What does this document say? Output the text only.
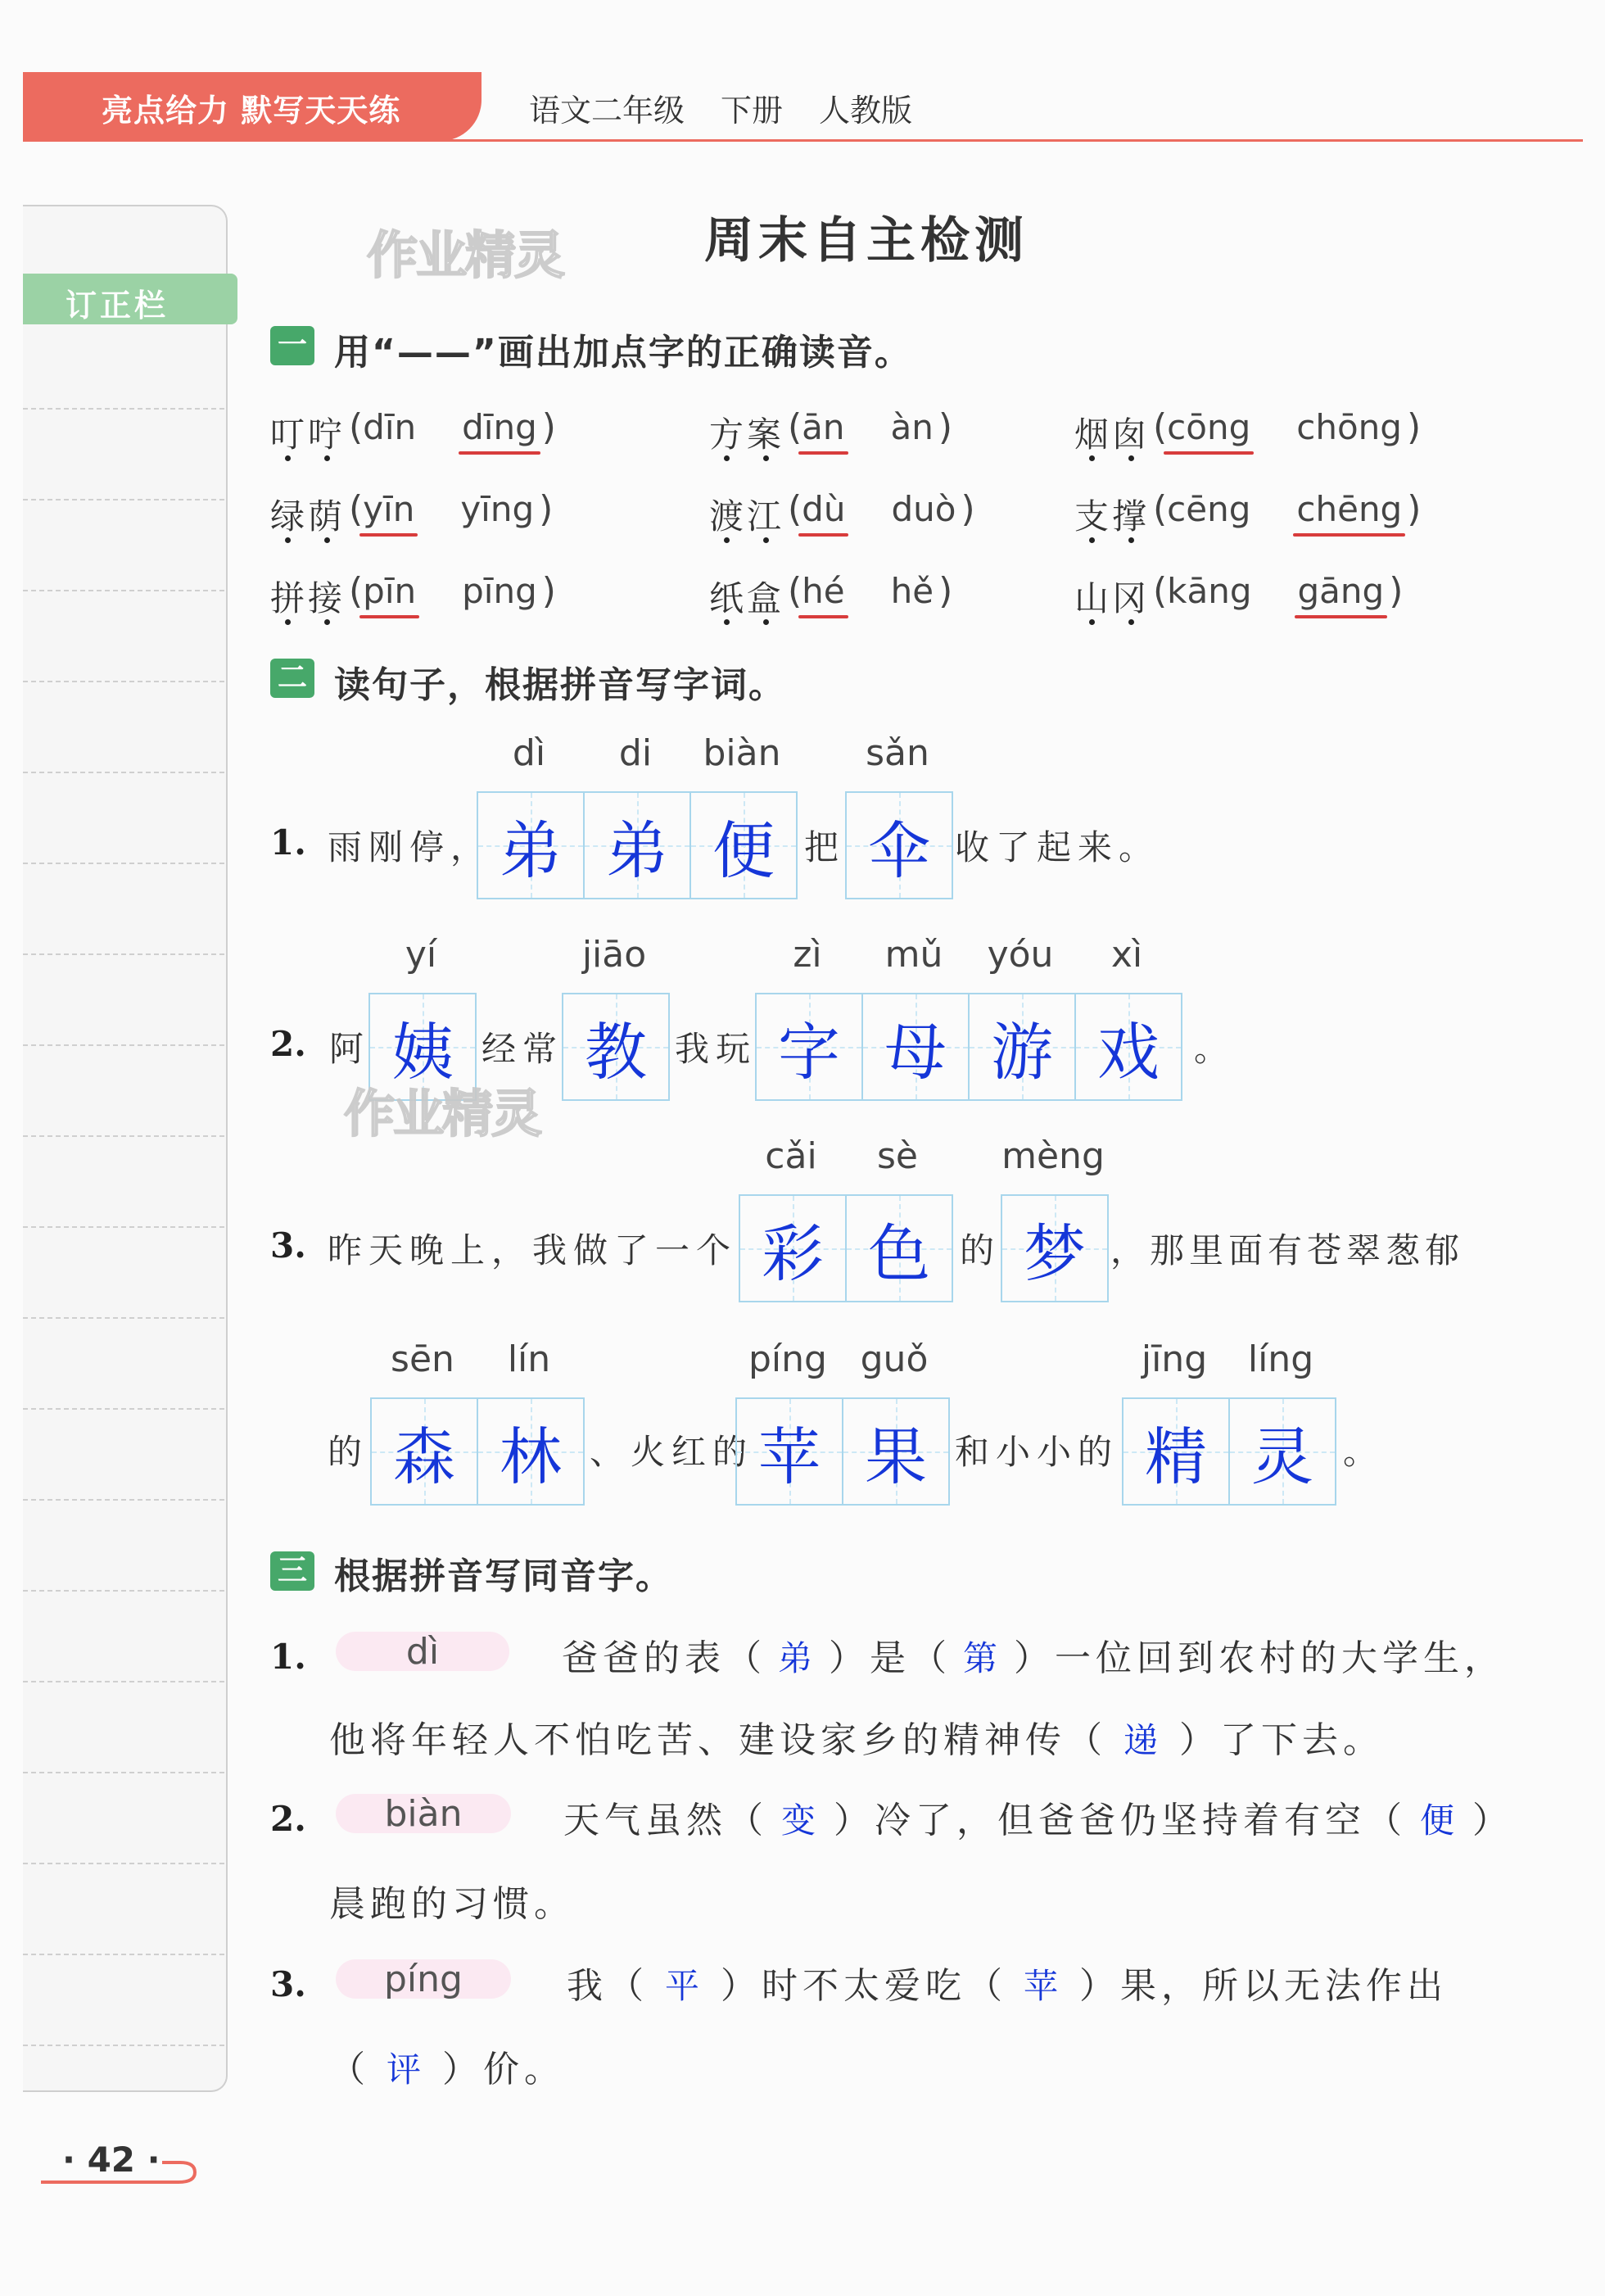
亮点给力 默写天天练	语文二年级 下册 人教版
订正栏
作业精灵	周末自主检测
一 用“——”画出加点字的正确读音。
叮咛 (dīn dīng )	方案 (ān àn )	烟囱 (cōng chōng )
绿荫 (yīn yīng )	渡江 (dù duò )	支撑 (cēng chēng )
拼接 (pīn pīng )	纸盒 (hé hě )	山冈 (kāng gāng )
二 读句子，根据拼音写字词。
1. 雨刚停， 弟 弟 便 把 伞 收了起来。
2. 阿 姨 经常 教 我玩 字 母 游 戏 。
作业精灵
3. 昨天晚上，我做了一个 彩 色 的 梦 ，那里面有苍翠葱郁
的 森 林 、火红的 苹 果 和小小的 精 灵 。
三 根据拼音写同音字。
1.	dì	爸爸的表（ 弟 ）是（ 第 ）一位回到农村的大学生，
他将年轻人不怕吃苦、建设家乡的精神传（ 递 ）了下去。
2.	biàn	天气虽然（ 变 ）冷了，但爸爸仍坚持着有空（ 便 ）
晨跑的习惯。
3.	píng	我（ 平 ）时不太爱吃（ 苹 ）果，所以无法作出
（ 评 ）价。
· 42 ·
dì	di	biàn	sǎn
yí	jiāo	zì	mǔ	yóu	xì
cǎi	sè	mèng
sēn	lín	píng guǒ	jīng	líng
